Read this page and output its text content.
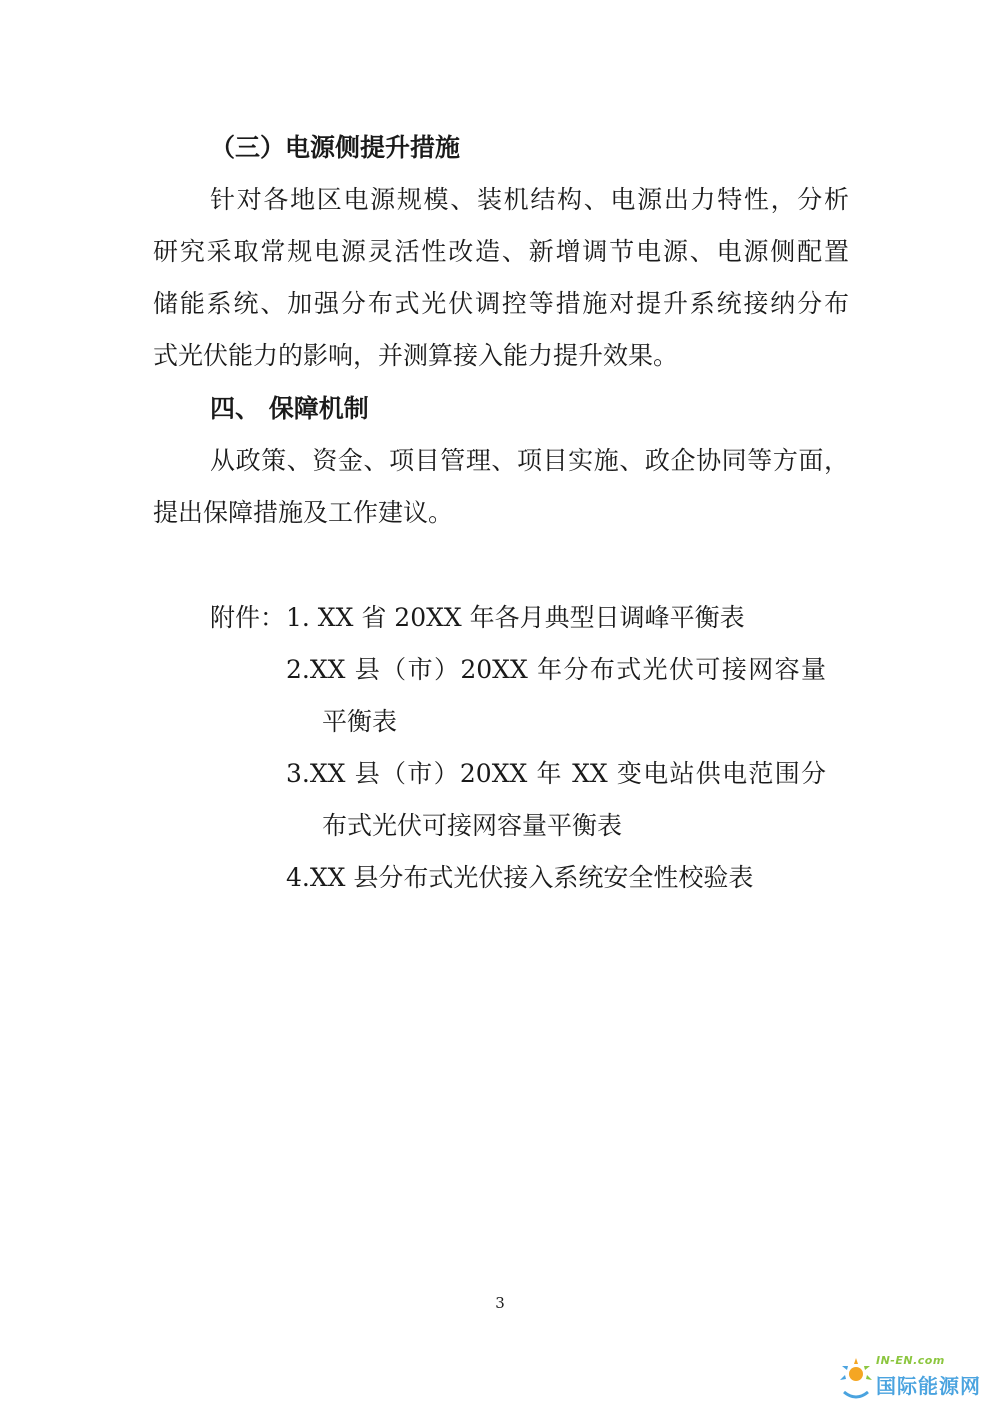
（三）电源侧提升措施
针对各地区电源规模、装机结构、电源出力特性，分析
研究采取常规电源灵活性改造、新增调节电源、电源侧配置
储能系统、加强分布式光伏调控等措施对提升系统接纳分布
式光伏能力的影响，并测算接入能力提升效果。
四、 保障机制
从政策、资金、项目管理、项目实施、政企协同等方面，
提出保障措施及工作建议。
附件： 1. XX 省 20XX 年各月典型日调峰平衡表
2.XX 县（市）20XX 年分布式光伏可接网容量
平衡表
3.XX 县（市）20XX 年 XX 变电站供电范围分
布式光伏可接网容量平衡表
4.XX 县分布式光伏接入系统安全性校验表
3
IN-EN.com
国际能源网
